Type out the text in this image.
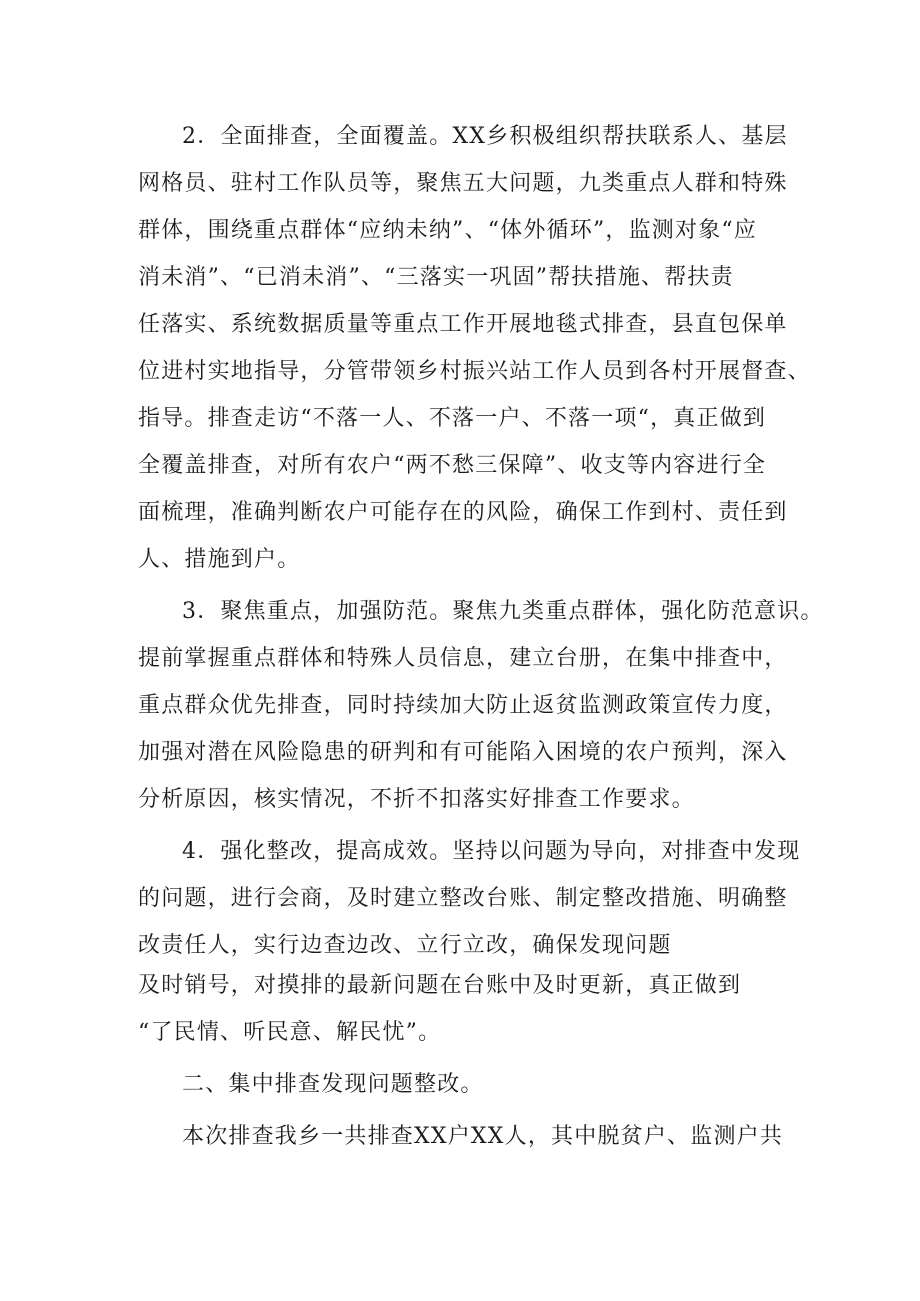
2．全面排查，全面覆盖。XX乡积极组织帮扶联系人、基层
网格员、驻村工作队员等，聚焦五大问题，九类重点人群和特殊
群体，围绕重点群体“应纳未纳”、“体外循环”，监测对象“应
消未消”、“已消未消”、“三落实一巩固”帮扶措施、帮扶责
任落实、系统数据质量等重点工作开展地毯式排查，县直包保单
位进村实地指导，分管带领乡村振兴站工作人员到各村开展督查、
指导。排查走访“不落一人、不落一户、不落一项“，真正做到
全覆盖排查，对所有农户“两不愁三保障”、收支等内容进行全
面梳理，准确判断农户可能存在的风险，确保工作到村、责任到
人、措施到户。
3．聚焦重点，加强防范。聚焦九类重点群体，强化防范意识。
提前掌握重点群体和特殊人员信息，建立台册，在集中排查中，
重点群众优先排查，同时持续加大防止返贫监测政策宣传力度，
加强对潜在风险隐患的研判和有可能陷入困境的农户预判，深入
分析原因，核实情况，不折不扣落实好排查工作要求。
4．强化整改，提高成效。坚持以问题为导向，对排查中发现
的问题，进行会商，及时建立整改台账、制定整改措施、明确整
改责任人，实行边查边改、立行立改，确保发现问题
及时销号，对摸排的最新问题在台账中及时更新，真正做到
“了民情、听民意、解民忧”。
二、集中排查发现问题整改。
本次排查我乡一共排查XX户XX人，其中脱贫户、监测户共
